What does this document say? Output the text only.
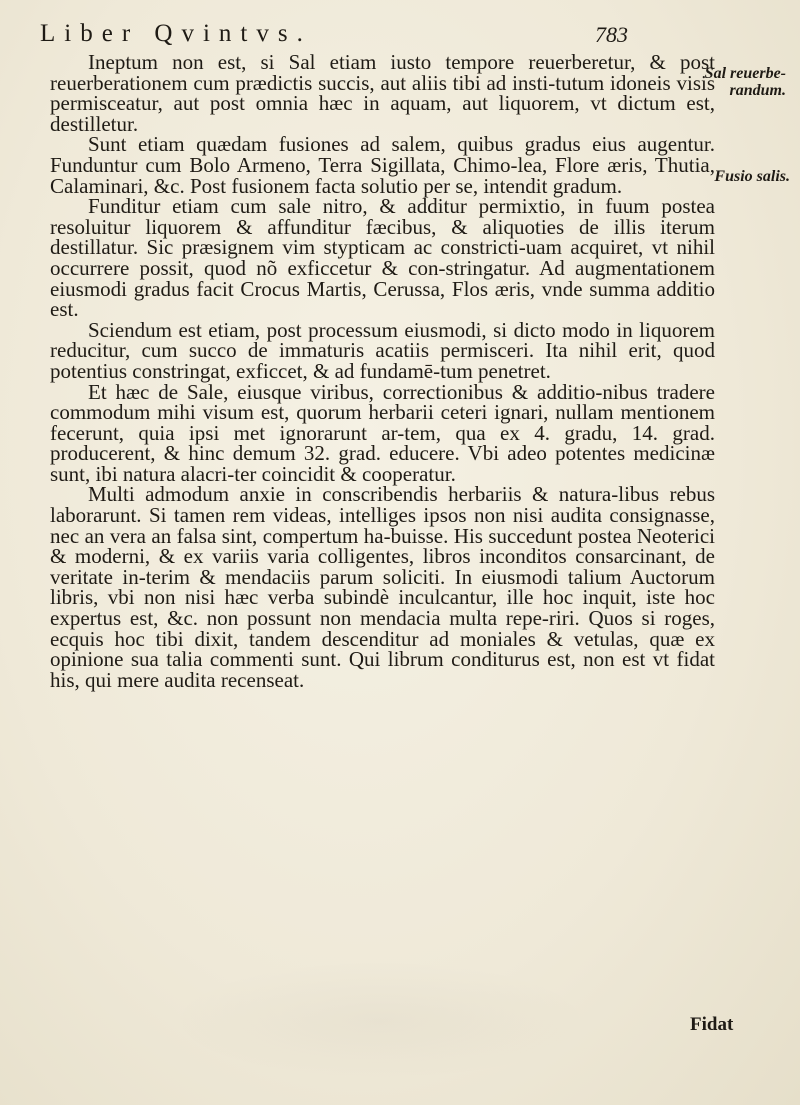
Liber Qvintvs.	783
Sal reuerbe-
randum.
Fusio salis.

Ineptum non est, si Sal etiam iusto tempore reuerberetur, & post reuerberationem cum prædictis succis, aut aliis tibi ad insti-tutum idoneis visis permisceatur, aut post omnia hæc in aquam, aut liquorem, vt dictum est, destilletur.

Sunt etiam quædam fusiones ad salem, quibus gradus eius augentur. Funduntur cum Bolo Armeno, Terra Sigillata, Chimo-lea, Flore æris, Thutia, Calaminari, &c. Post fusionem facta solutio per se, intendit gradum.

Funditur etiam cum sale nitro, & additur permixtio, in fuum postea resoluitur liquorem & affunditur fæcibus, & aliquoties de illis iterum destillatur. Sic præsignem vim stypticam ac constricti-uam acquiret, vt nihil occurrere possit, quod nõ exficcetur & con-stringatur. Ad augmentationem eiusmodi gradus facit Crocus Martis, Cerussa, Flos æris, vnde summa additio est.

Sciendum est etiam, post processum eiusmodi, si dicto modo in liquorem reducitur, cum succo de immaturis acatiis permisceri. Ita nihil erit, quod potentius constringat, exficcet, & ad fundamē-tum penetret.

Et hæc de Sale, eiusque viribus, correctionibus & additio-nibus tradere commodum mihi visum est, quorum herbarii ceteri ignari, nullam mentionem fecerunt, quia ipsi met ignorarunt ar-tem, qua ex 4. gradu, 14. grad. producerent, & hinc demum 32. grad. educere. Vbi adeo potentes medicinæ sunt, ibi natura alacri-ter coincidit & cooperatur.

Multi admodum anxie in conscribendis herbariis & natura-libus rebus laborarunt. Si tamen rem videas, intelliges ipsos non nisi audita consignasse, nec an vera an falsa sint, compertum ha-buisse. His succedunt postea Neoterici & moderni, & ex variis varia colligentes, libros inconditos consarcinant, de veritate in-terim & mendaciis parum soliciti. In eiusmodi talium Auctorum libris, vbi non nisi hæc verba subindè inculcantur, ille hoc inquit, iste hoc expertus est, &c. non possunt non mendacia multa repe-riri. Quos si roges, ecquis hoc tibi dixit, tandem descenditur ad moniales & vetulas, quæ ex opinione sua talia commenti sunt. Qui librum conditurus est, non est vt fidat his, qui mere audita recenseat.

Fidat
